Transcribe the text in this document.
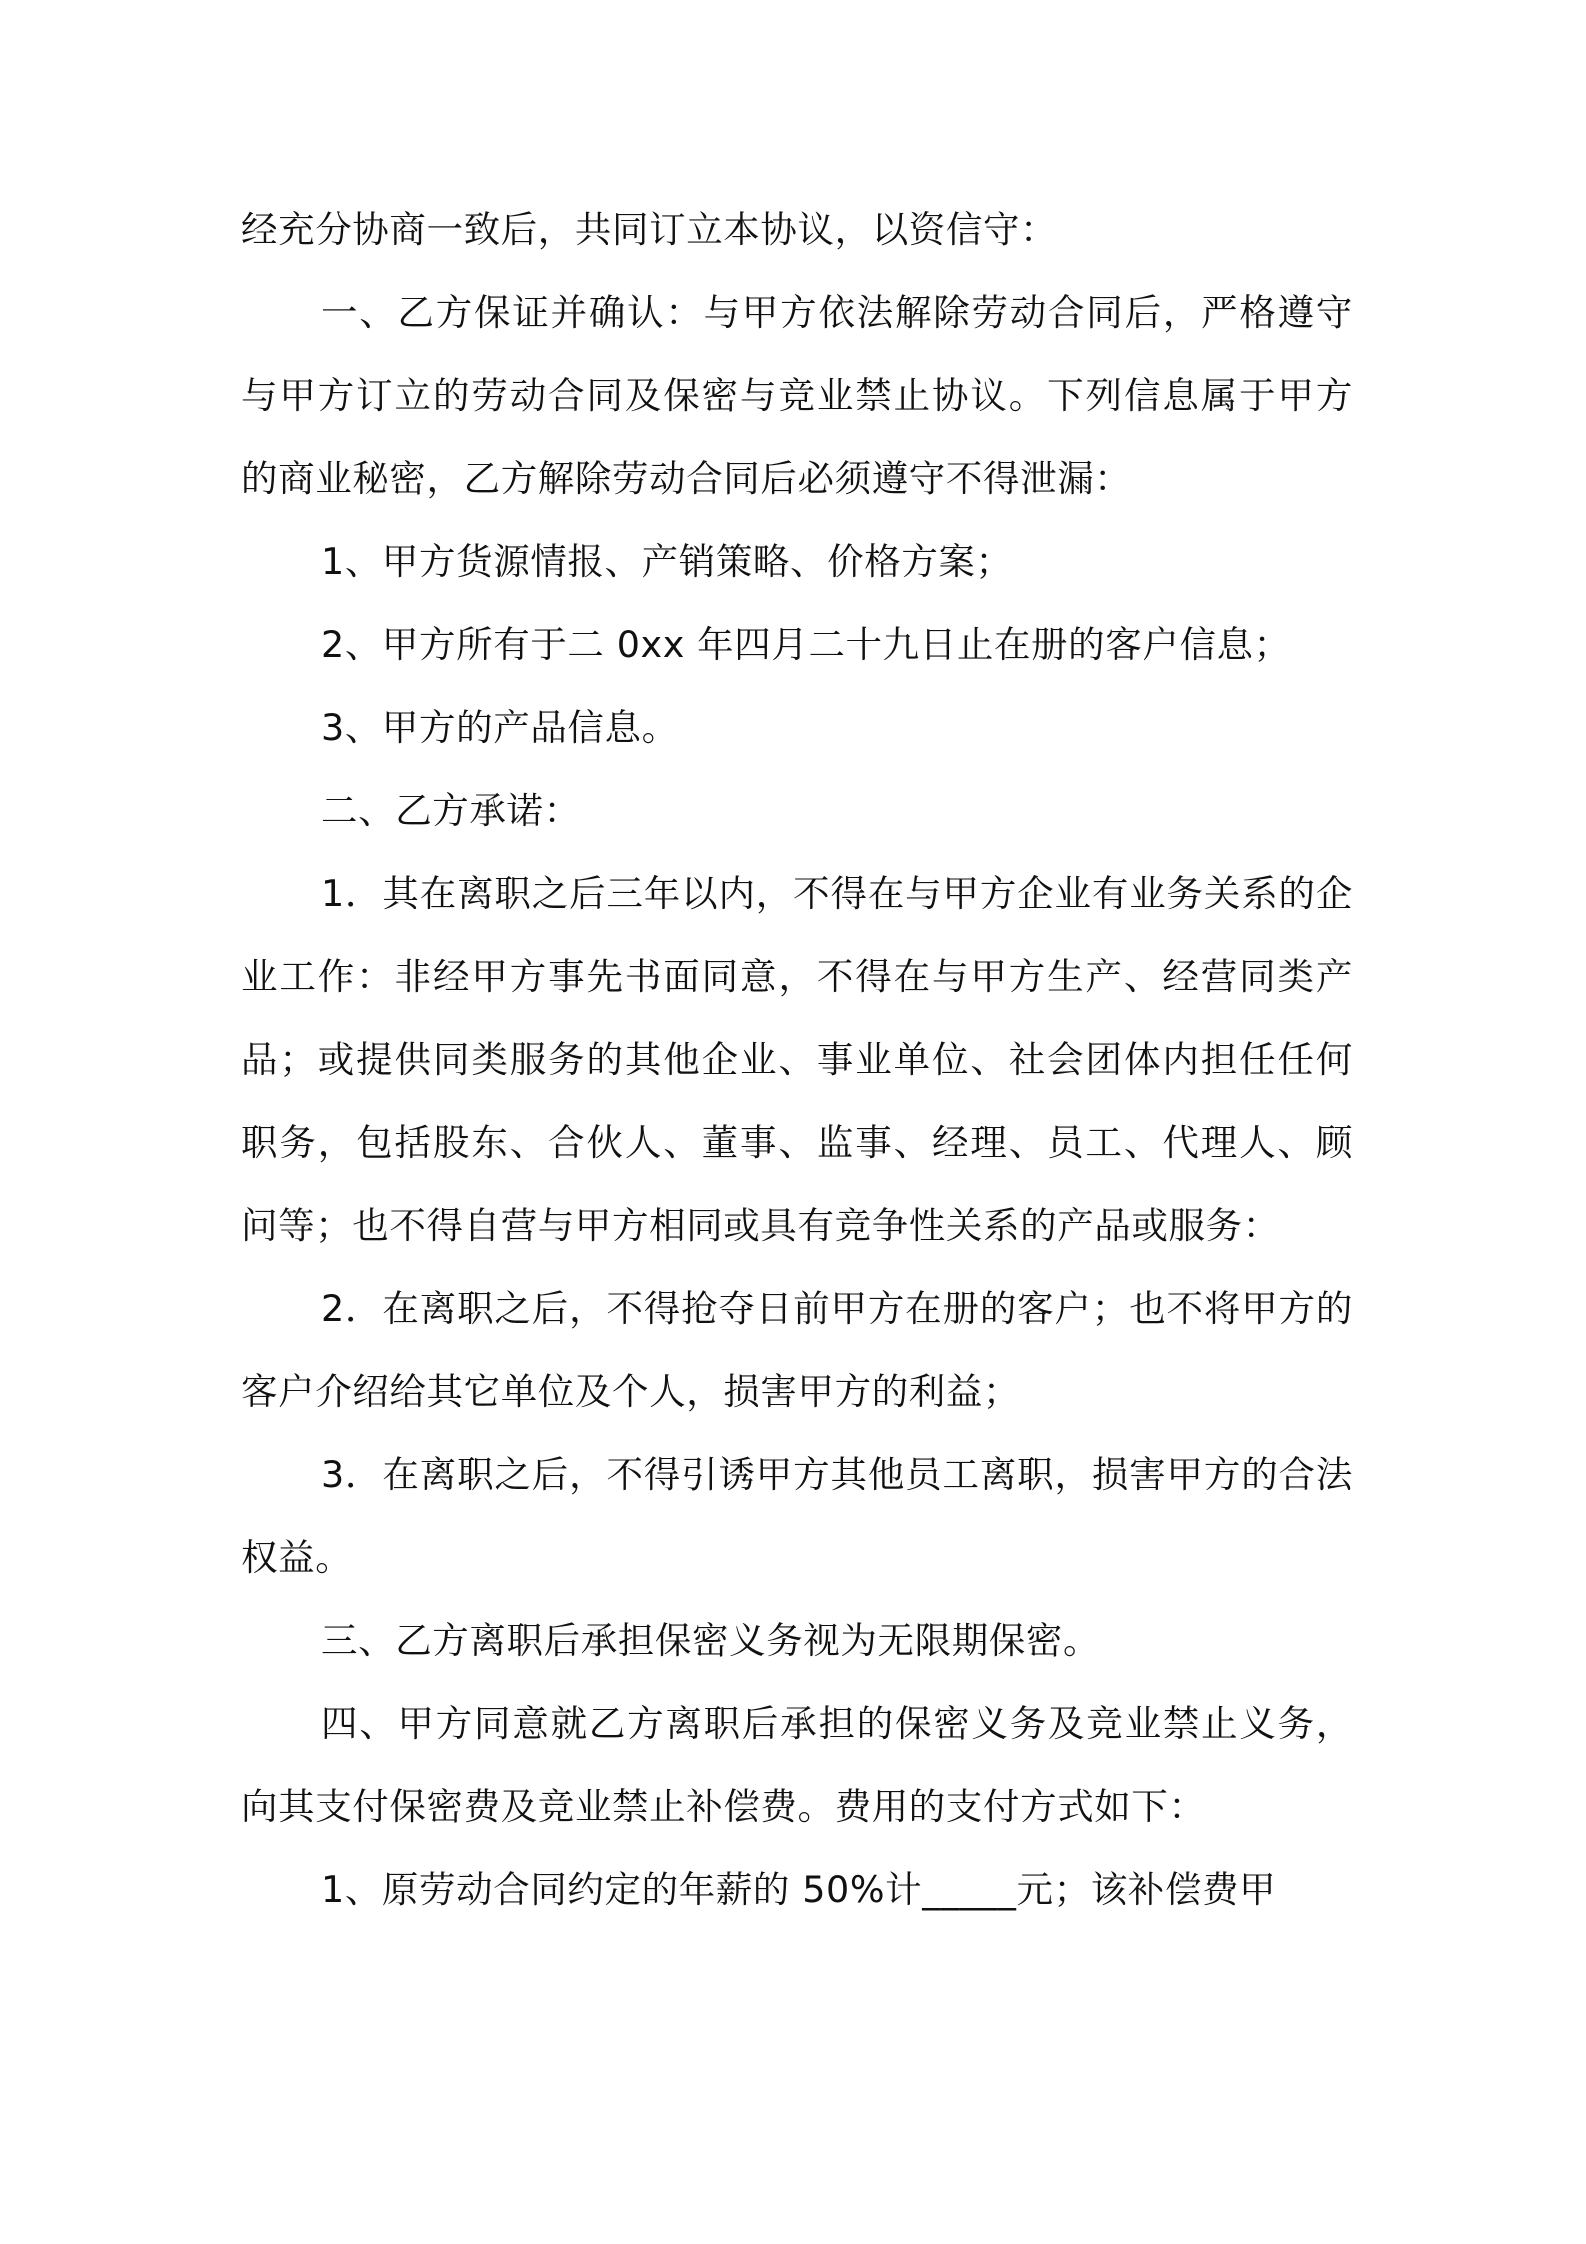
经充分协商一致后，共同订立本协议，以资信守：

一、乙方保证并确认：与甲方依法解除劳动合同后，严格遵守与甲方订立的劳动合同及保密与竞业禁止协议。下列信息属于甲方的商业秘密，乙方解除劳动合同后必须遵守不得泄漏：

1、甲方货源情报、产销策略、价格方案；

2、甲方所有于二 0xx 年四月二十九日止在册的客户信息；

3、甲方的产品信息。

二、乙方承诺：

1．其在离职之后三年以内，不得在与甲方企业有业务关系的企业工作：非经甲方事先书面同意，不得在与甲方生产、经营同类产品；或提供同类服务的其他企业、事业单位、社会团体内担任任何职务，包括股东、合伙人、董事、监事、经理、员工、代理人、顾问等；也不得自营与甲方相同或具有竞争性关系的产品或服务：

2．在离职之后，不得抢夺日前甲方在册的客户；也不将甲方的客户介绍给其它单位及个人，损害甲方的利益；

3．在离职之后，不得引诱甲方其他员工离职，损害甲方的合法权益。

三、乙方离职后承担保密义务视为无限期保密。

四、甲方同意就乙方离职后承担的保密义务及竞业禁止义务，向其支付保密费及竞业禁止补偿费。费用的支付方式如下：

1、原劳动合同约定的年薪的 50%计_____元；该补偿费甲
